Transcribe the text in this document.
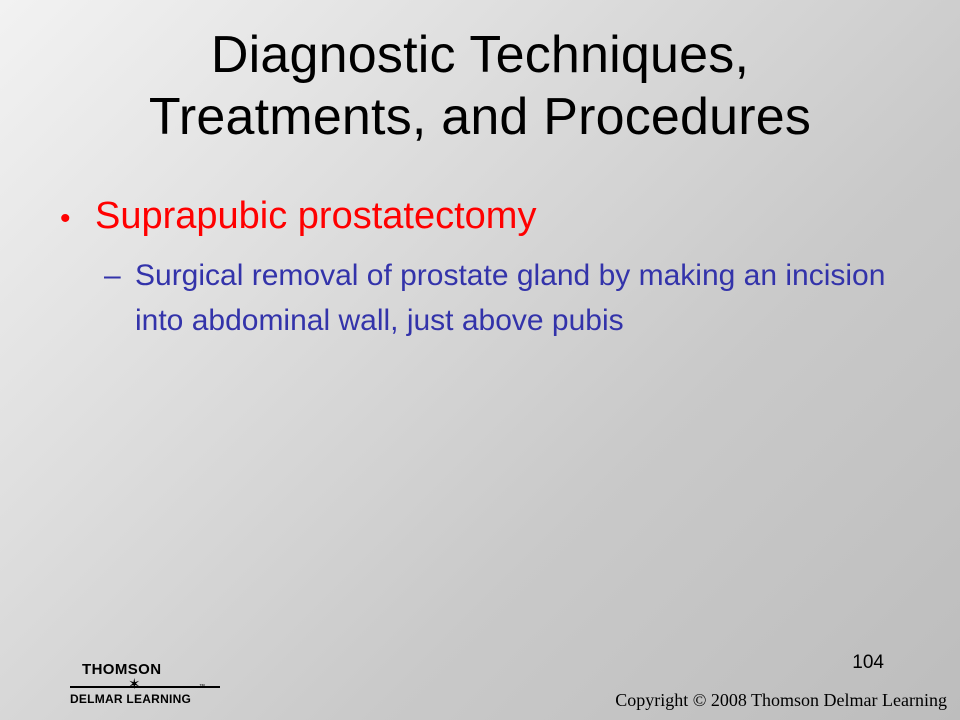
Diagnostic Techniques,
Treatments, and Procedures
• Suprapubic prostatectomy
– Surgical removal of prostate gland by making an incision into abdominal wall, just above pubis
104
THOMSON
✶	™
DELMAR LEARNING	Copyright © 2008 Thomson Delmar Learning
